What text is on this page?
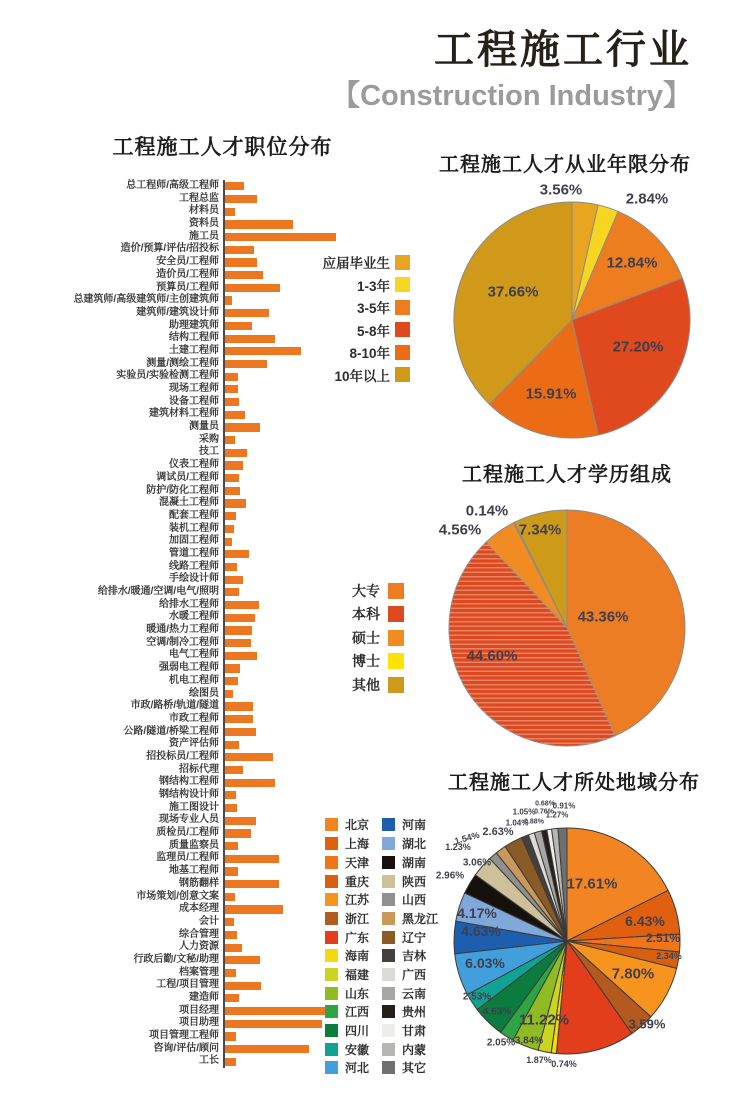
工程施工行业
【Construction Industry】
工程施工人才职位分布
总工程师/高级工程师
工程总监
材料员
资料员
施工员
造价/预算/评估/招投标
安全员/工程师
造价员/工程师
预算员/工程师
总建筑师/高级建筑师/主创建筑师
建筑师/建筑设计师
助理建筑师
结构工程师
土建工程师
测量/测绘工程师
实验员/实验检测工程师
现场工程师
设备工程师
建筑材料工程师
测量员
采购
技工
仪表工程师
调试员/工程师
防护/防化工程师
混凝土工程师
配套工程师
装机工程师
加固工程师
管道工程师
线路工程师
手绘设计师
给排水/暖通/空调/电气/照明
给排水工程师
水暖工程师
暖通/热力工程师
空调/制冷工程师
电气工程师
强弱电工程师
机电工程师
绘图员
市政/路桥/轨道/隧道
市政工程师
公路/隧道/桥梁工程师
资产评估师
招投标员/工程师
招标代理
钢结构工程师
钢结构设计师
施工图设计
现场专业人员
质检员/工程师
质量监察员
监理员/工程师
地基工程师
钢筋翻样
市场策划/创意文案
成本经理
会计
综合管理
人力资源
行政后勤/文秘/助理
档案管理
工程/项目管理
建造师
项目经理
项目助理
项目管理工程师
咨询/评估/顾问
工长
工程施工人才从业年限分布
应届毕业生
1-3年
3-5年
5-8年
8-10年
10年以上
工程施工人才学历组成
大专
本科
硕士
博士
其他
工程施工人才所处地域分布
北京
上海
天津
重庆
江苏
浙江
广东
海南
福建
山东
江西
四川
安徽
河北
河南
湖北
湖南
陕西
山西
黑龙江
辽宁
吉林
广西
云南
贵州
甘肃
内蒙
其它
3.56%
2.84%
12.84%
27.20%
15.91%
37.66%
43.36%
44.60%
4.56%
0.14%
7.34%
17.61%
6.43%
2.51%
2.34%
7.80%
3.59%
11.22%
0.74%
1.87%
3.84%
2.05%
4.63%
2.53%
6.03%
4.63%
4.17%
2.96%
3.06%
1.23%
1.54% 2.63%
1.04%
0.88%
1.05%
0.76%
0.68%
0.91%
1.27%
